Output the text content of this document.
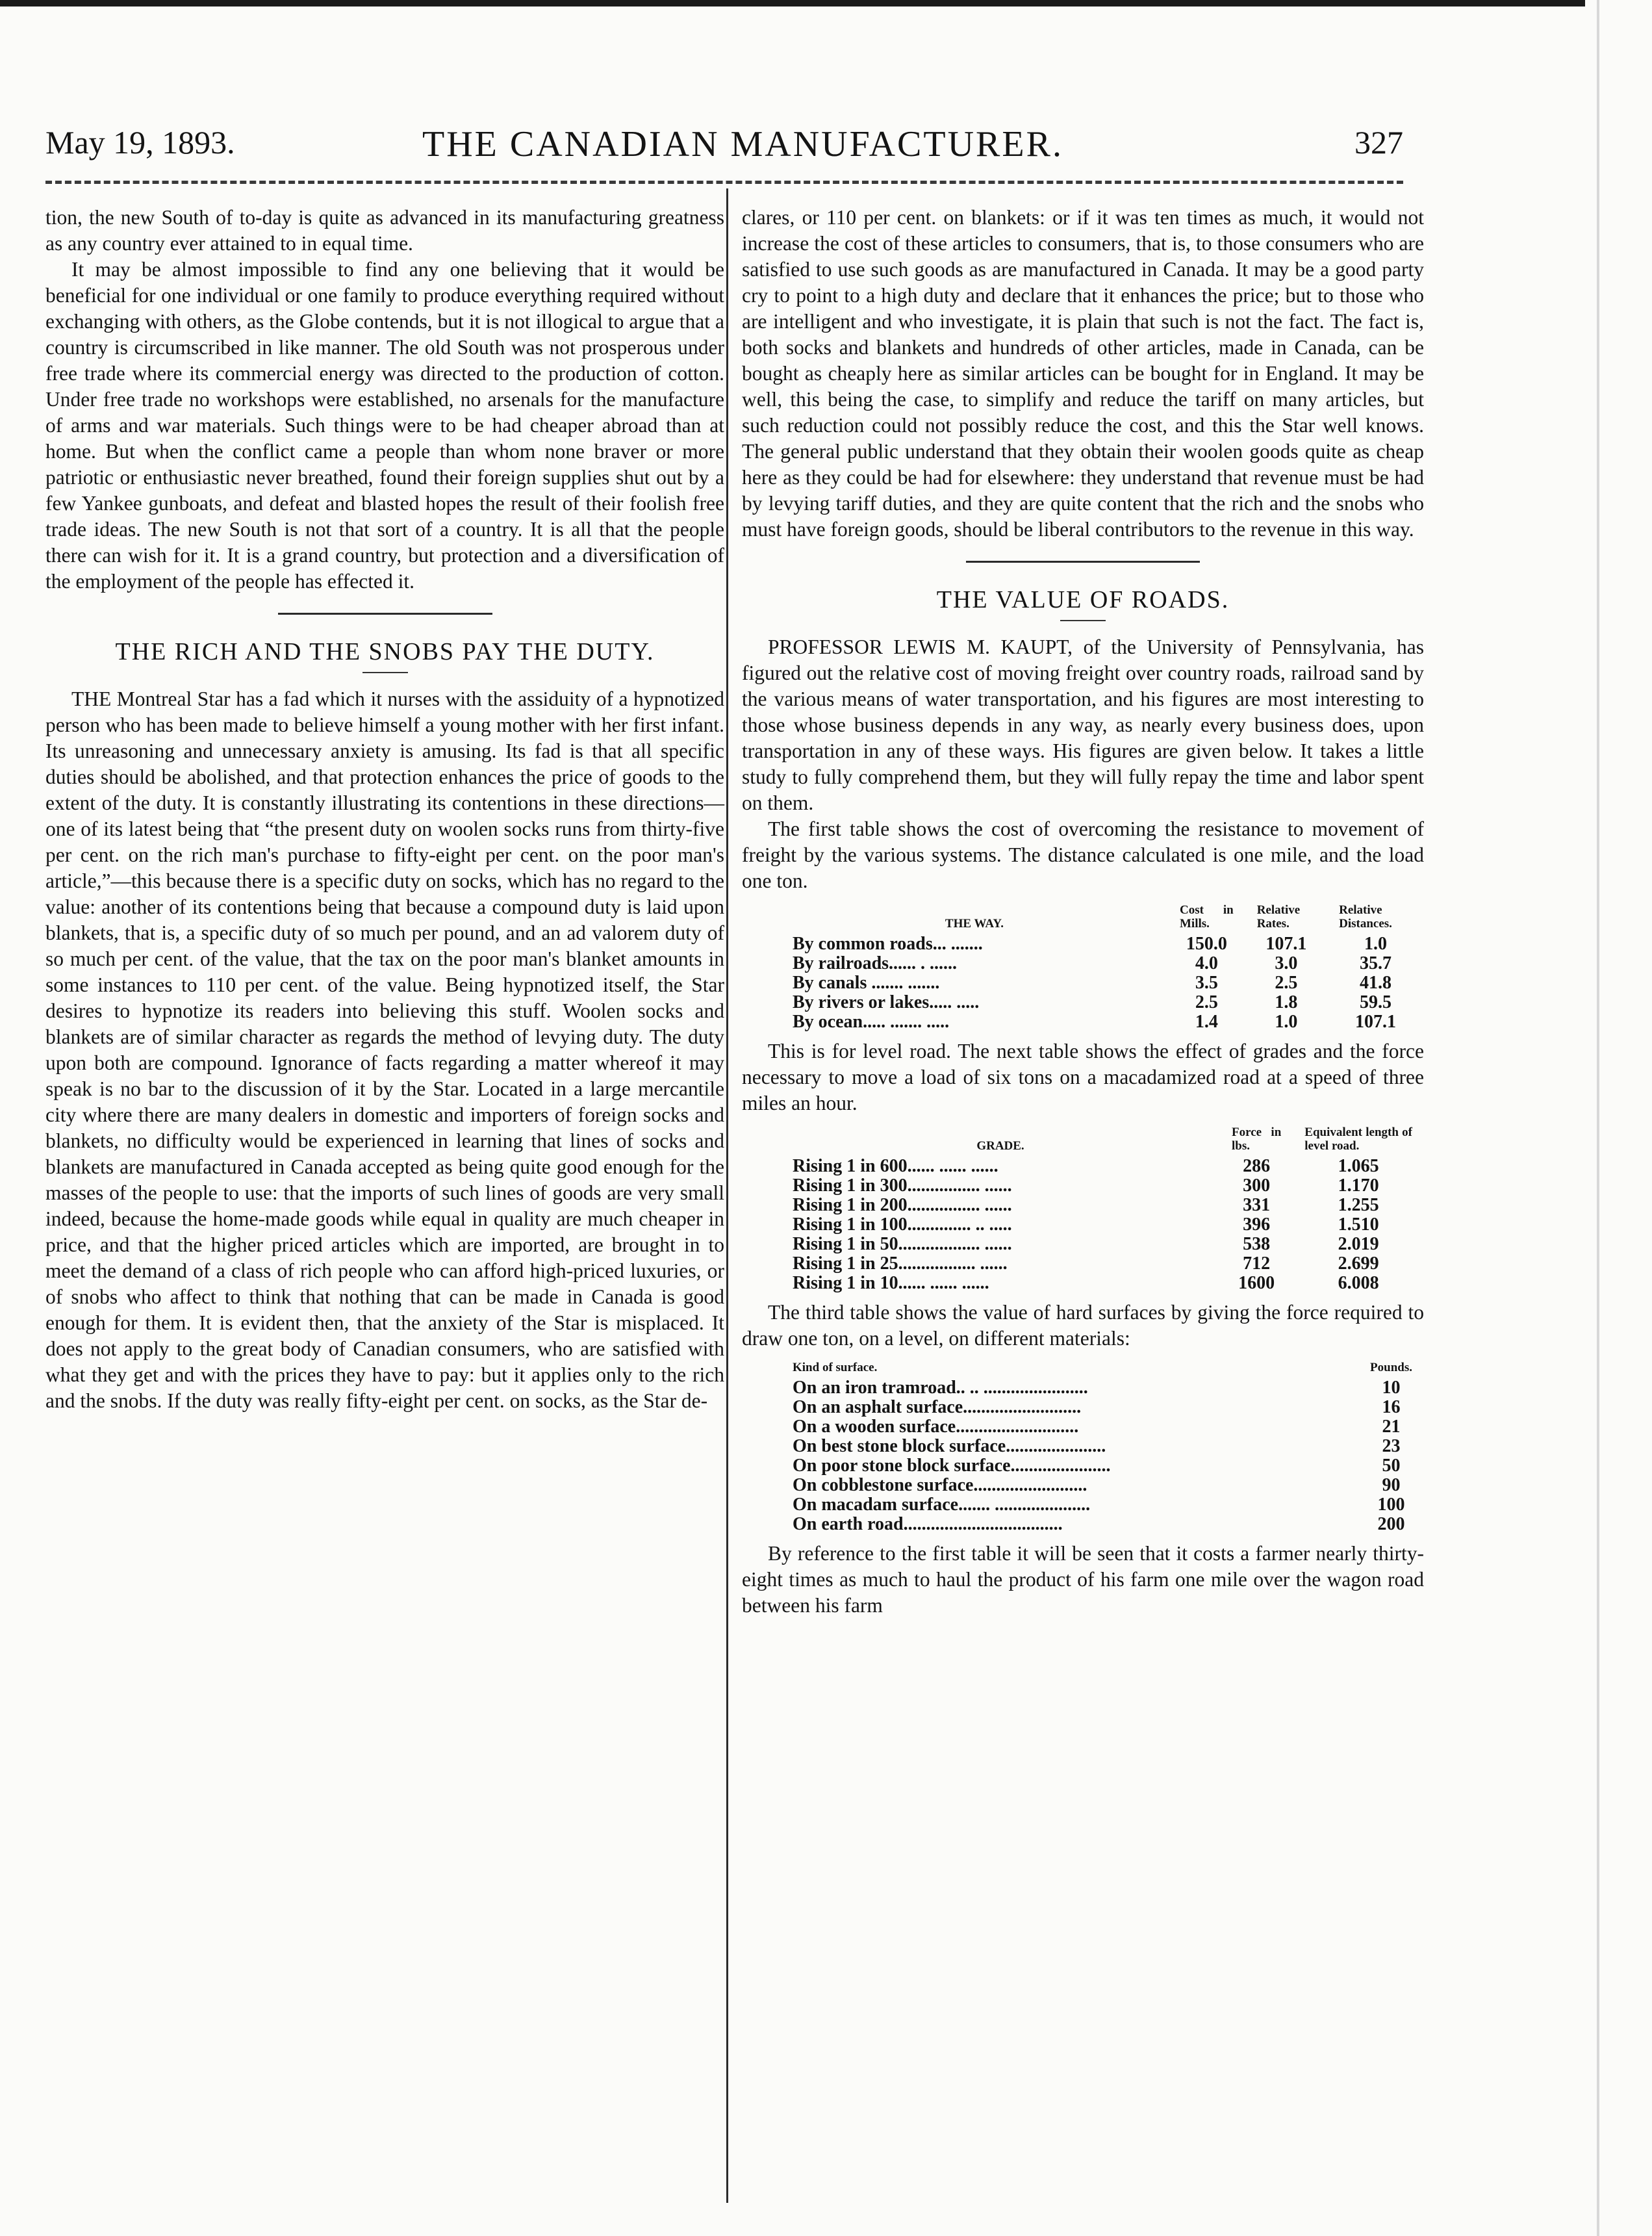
May 19, 1893.	THE CANADIAN MANUFACTURER.	327

tion, the new South of to-day is quite as advanced in its manufacturing greatness as any country ever attained to in equal time.

It may be almost impossible to find any one believing that it would be beneficial for one individual or one family to produce everything required without exchanging with others, as the Globe contends, but it is not illogical to argue that a country is circumscribed in like manner. The old South was not prosperous under free trade where its commercial energy was directed to the production of cotton. Under free trade no workshops were established, no arsenals for the manufacture of arms and war materials. Such things were to be had cheaper abroad than at home. But when the conflict came a people than whom none braver or more patriotic or enthusiastic never breathed, found their foreign supplies shut out by a few Yankee gunboats, and defeat and blasted hopes the result of their foolish free trade ideas. The new South is not that sort of a country. It is all that the people there can wish for it. It is a grand country, but protection and a diversification of the employment of the people has effected it.

THE RICH AND THE SNOBS PAY THE DUTY.

THE Montreal Star has a fad which it nurses with the assiduity of a hypnotized person who has been made to believe himself a young mother with her first infant. Its unreasoning and unnecessary anxiety is amusing. Its fad is that all specific duties should be abolished, and that protection enhances the price of goods to the extent of the duty. It is constantly illustrating its contentions in these directions—one of its latest being that “the present duty on woolen socks runs from thirty-five per cent. on the rich man's purchase to fifty-eight per cent. on the poor man's article,”—this because there is a specific duty on socks, which has no regard to the value: another of its contentions being that because a compound duty is laid upon blankets, that is, a specific duty of so much per pound, and an ad valorem duty of so much per cent. of the value, that the tax on the poor man's blanket amounts in some instances to 110 per cent. of the value. Being hypnotized itself, the Star desires to hypnotize its readers into believing this stuff. Woolen socks and blankets are of similar character as regards the method of levying duty. The duty upon both are compound. Ignorance of facts regarding a matter whereof it may speak is no bar to the discussion of it by the Star. Located in a large mercantile city where there are many dealers in domestic and importers of foreign socks and blankets, no difficulty would be experienced in learning that lines of socks and blankets are manufactured in Canada accepted as being quite good enough for the masses of the people to use: that the imports of such lines of goods are very small indeed, because the home-made goods while equal in quality are much cheaper in price, and that the higher priced articles which are imported, are brought in to meet the demand of a class of rich people who can afford high-priced luxuries, or of snobs who affect to think that nothing that can be made in Canada is good enough for them. It is evident then, that the anxiety of the Star is misplaced. It does not apply to the great body of Canadian consumers, who are satisfied with what they get and with the prices they have to pay: but it applies only to the rich and the snobs. If the duty was really fifty-eight per cent. on socks, as the Star de-

clares, or 110 per cent. on blankets: or if it was ten times as much, it would not increase the cost of these articles to consumers, that is, to those consumers who are satisfied to use such goods as are manufactured in Canada. It may be a good party cry to point to a high duty and declare that it enhances the price; but to those who are intelligent and who investigate, it is plain that such is not the fact. The fact is, both socks and blankets and hundreds of other articles, made in Canada, can be bought as cheaply here as similar articles can be bought for in England. It may be well, this being the case, to simplify and reduce the tariff on many articles, but such reduction could not possibly reduce the cost, and this the Star well knows. The general public understand that they obtain their woolen goods quite as cheap here as they could be had for elsewhere: they understand that revenue must be had by levying tariff duties, and they are quite content that the rich and the snobs who must have foreign goods, should be liberal contributors to the revenue in this way.

THE VALUE OF ROADS.

PROFESSOR LEWIS M. KAUPT, of the University of Pennsylvania, has figured out the relative cost of moving freight over country roads, railroad sand by the various means of water transportation, and his figures are most interesting to those whose business depends in any way, as nearly every business does, upon transportation in any of these ways. His figures are given below. It takes a little study to fully comprehend them, but they will fully repay the time and labor spent on them.

The first table shows the cost of overcoming the resistance to movement of freight by the various systems. The distance calculated is one mile, and the load one ton.

THE WAY.	Cost in Mills.	Relative Rates.	Relative Distances.
By common roads... .......	150.0	107.1	1.0
By railroads...... . ......	4.0	3.0	35.7
By canals ....... .......	3.5	2.5	41.8
By rivers or lakes..... .....	2.5	1.8	59.5
By ocean..... ....... .....	1.4	1.0	107.1

This is for level road. The next table shows the effect of grades and the force necessary to move a load of six tons on a macadamized road at a speed of three miles an hour.

GRADE.	Force in lbs.	Equivalent length of level road.
Rising 1 in 600...... ...... ......	286	1.065
Rising 1 in 300................ ......	300	1.170
Rising 1 in 200................ ......	331	1.255
Rising 1 in 100.............. .. .....	396	1.510
Rising 1 in 50.................. ......	538	2.019
Rising 1 in 25................. ......	712	2.699
Rising 1 in 10...... ...... ......	1600	6.008

The third table shows the value of hard surfaces by giving the force required to draw one ton, on a level, on different materials:

Kind of surface.	Pounds.
On an iron tramroad.. .. .......................	10
On an asphalt surface..........................	16
On a wooden surface...........................	21
On best stone block surface......................	23
On poor stone block surface......................	50
On cobblestone surface.........................	90
On macadam surface....... .....................	100
On earth road...................................	200

By reference to the first table it will be seen that it costs a farmer nearly thirty-eight times as much to haul the product of his farm one mile over the wagon road between his farm
